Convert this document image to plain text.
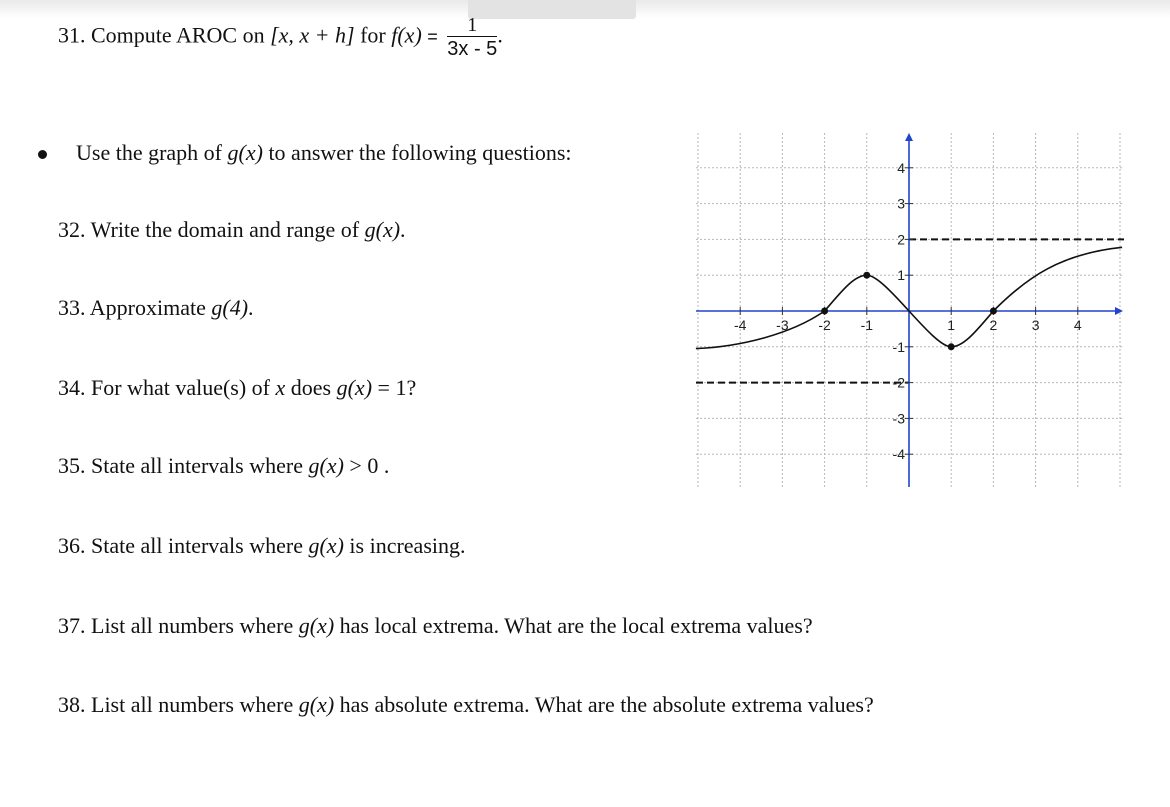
31. Compute AROC on [x, x + h] for $f(x) = \frac{1}{3x - 5}$ .
Use the graph of g(x) to answer the following questions:
32. Write the domain and range of g(x).
33. Approximate g(4).
34. For what value(s) of x does g(x) = 1?
35. State all intervals where g(x) > 0 .
36. State all intervals where g(x) is increasing.
37. List all numbers where g(x) has local extrema. What are the local extrema values?
38. List all numbers where g(x) has absolute extrema. What are the absolute extrema values?
-4 -3 -2 -1	1 2 3 4
4
3
2
1
-1
-2
-3
-4
